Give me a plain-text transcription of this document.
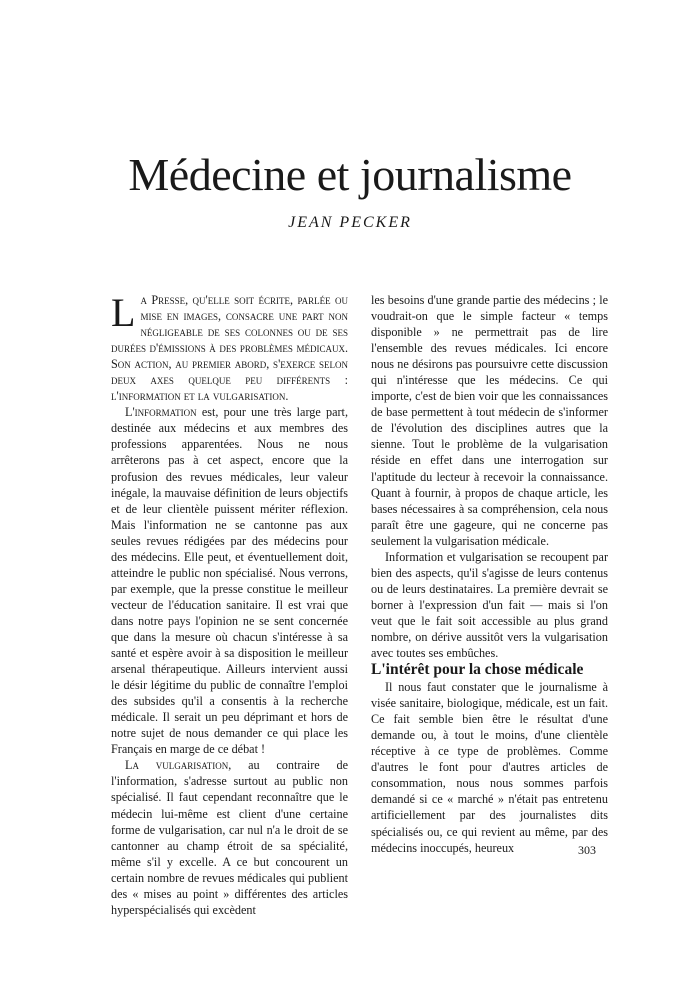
Médecine et journalisme
JEAN PECKER

La Presse, qu'elle soit écrite, parlée ou mise en images, consacre une part non négligeable de ses colonnes ou de ses durées d'émissions à des problèmes médicaux. Son action, au premier abord, s'exerce selon deux axes quelque peu différents : l'information et la vulgarisation.

L'information est, pour une très large part, destinée aux médecins et aux membres des professions apparentées. Nous ne nous arrêterons pas à cet aspect, encore que la profusion des revues médicales, leur valeur inégale, la mauvaise définition de leurs objectifs et de leur clientèle puissent mériter réflexion. Mais l'information ne se cantonne pas aux seules revues rédigées par des médecins pour des médecins. Elle peut, et éventuellement doit, atteindre le public non spécialisé. Nous verrons, par exemple, que la presse constitue le meilleur vecteur de l'éducation sanitaire. Il est vrai que dans notre pays l'opinion ne se sent concernée que dans la mesure où chacun s'intéresse à sa santé et espère avoir à sa disposition le meilleur arsenal thérapeutique. Ailleurs intervient aussi le désir légitime du public de connaître l'emploi des subsides qu'il a consentis à la recherche médicale. Il serait un peu déprimant et hors de notre sujet de nous demander ce qui place les Français en marge de ce débat !

La vulgarisation, au contraire de l'information, s'adresse surtout au public non spécialisé. Il faut cependant reconnaître que le médecin lui-même est client d'une certaine forme de vulgarisation, car nul n'a le droit de se cantonner au champ étroit de sa spécialité, même s'il y excelle. A ce but concourent un certain nombre de revues médicales qui publient des « mises au point » différentes des articles hyperspécialisés qui excèdent

les besoins d'une grande partie des médecins ; le voudrait-on que le simple facteur « temps disponible » ne permettrait pas de lire l'ensemble des revues médicales. Ici encore nous ne désirons pas poursuivre cette discussion qui n'intéresse que les médecins. Ce qui importe, c'est de bien voir que les connaissances de base permettent à tout médecin de s'informer de l'évolution des disciplines autres que la sienne. Tout le problème de la vulgarisation réside en effet dans une interrogation sur l'aptitude du lecteur à recevoir la connaissance. Quant à fournir, à propos de chaque article, les bases nécessaires à sa compréhension, cela nous paraît être une gageure, qui ne concerne pas seulement la vulgarisation médicale.

Information et vulgarisation se recoupent par bien des aspects, qu'il s'agisse de leurs contenus ou de leurs destinataires. La première devrait se borner à l'expression d'un fait — mais si l'on veut que le fait soit accessible au plus grand nombre, on dérive aussitôt vers la vulgarisation avec toutes ses embûches.

L'intérêt pour la chose médicale

Il nous faut constater que le journalisme à visée sanitaire, biologique, médicale, est un fait. Ce fait semble bien être le résultat d'une demande ou, à tout le moins, d'une clientèle réceptive à ce type de problèmes. Comme d'autres le font pour d'autres articles de consommation, nous nous sommes parfois demandé si ce « marché » n'était pas entretenu artificiellement par des journalistes dits spécialisés ou, ce qui revient au même, par des médecins inoccupés, heureux	303
